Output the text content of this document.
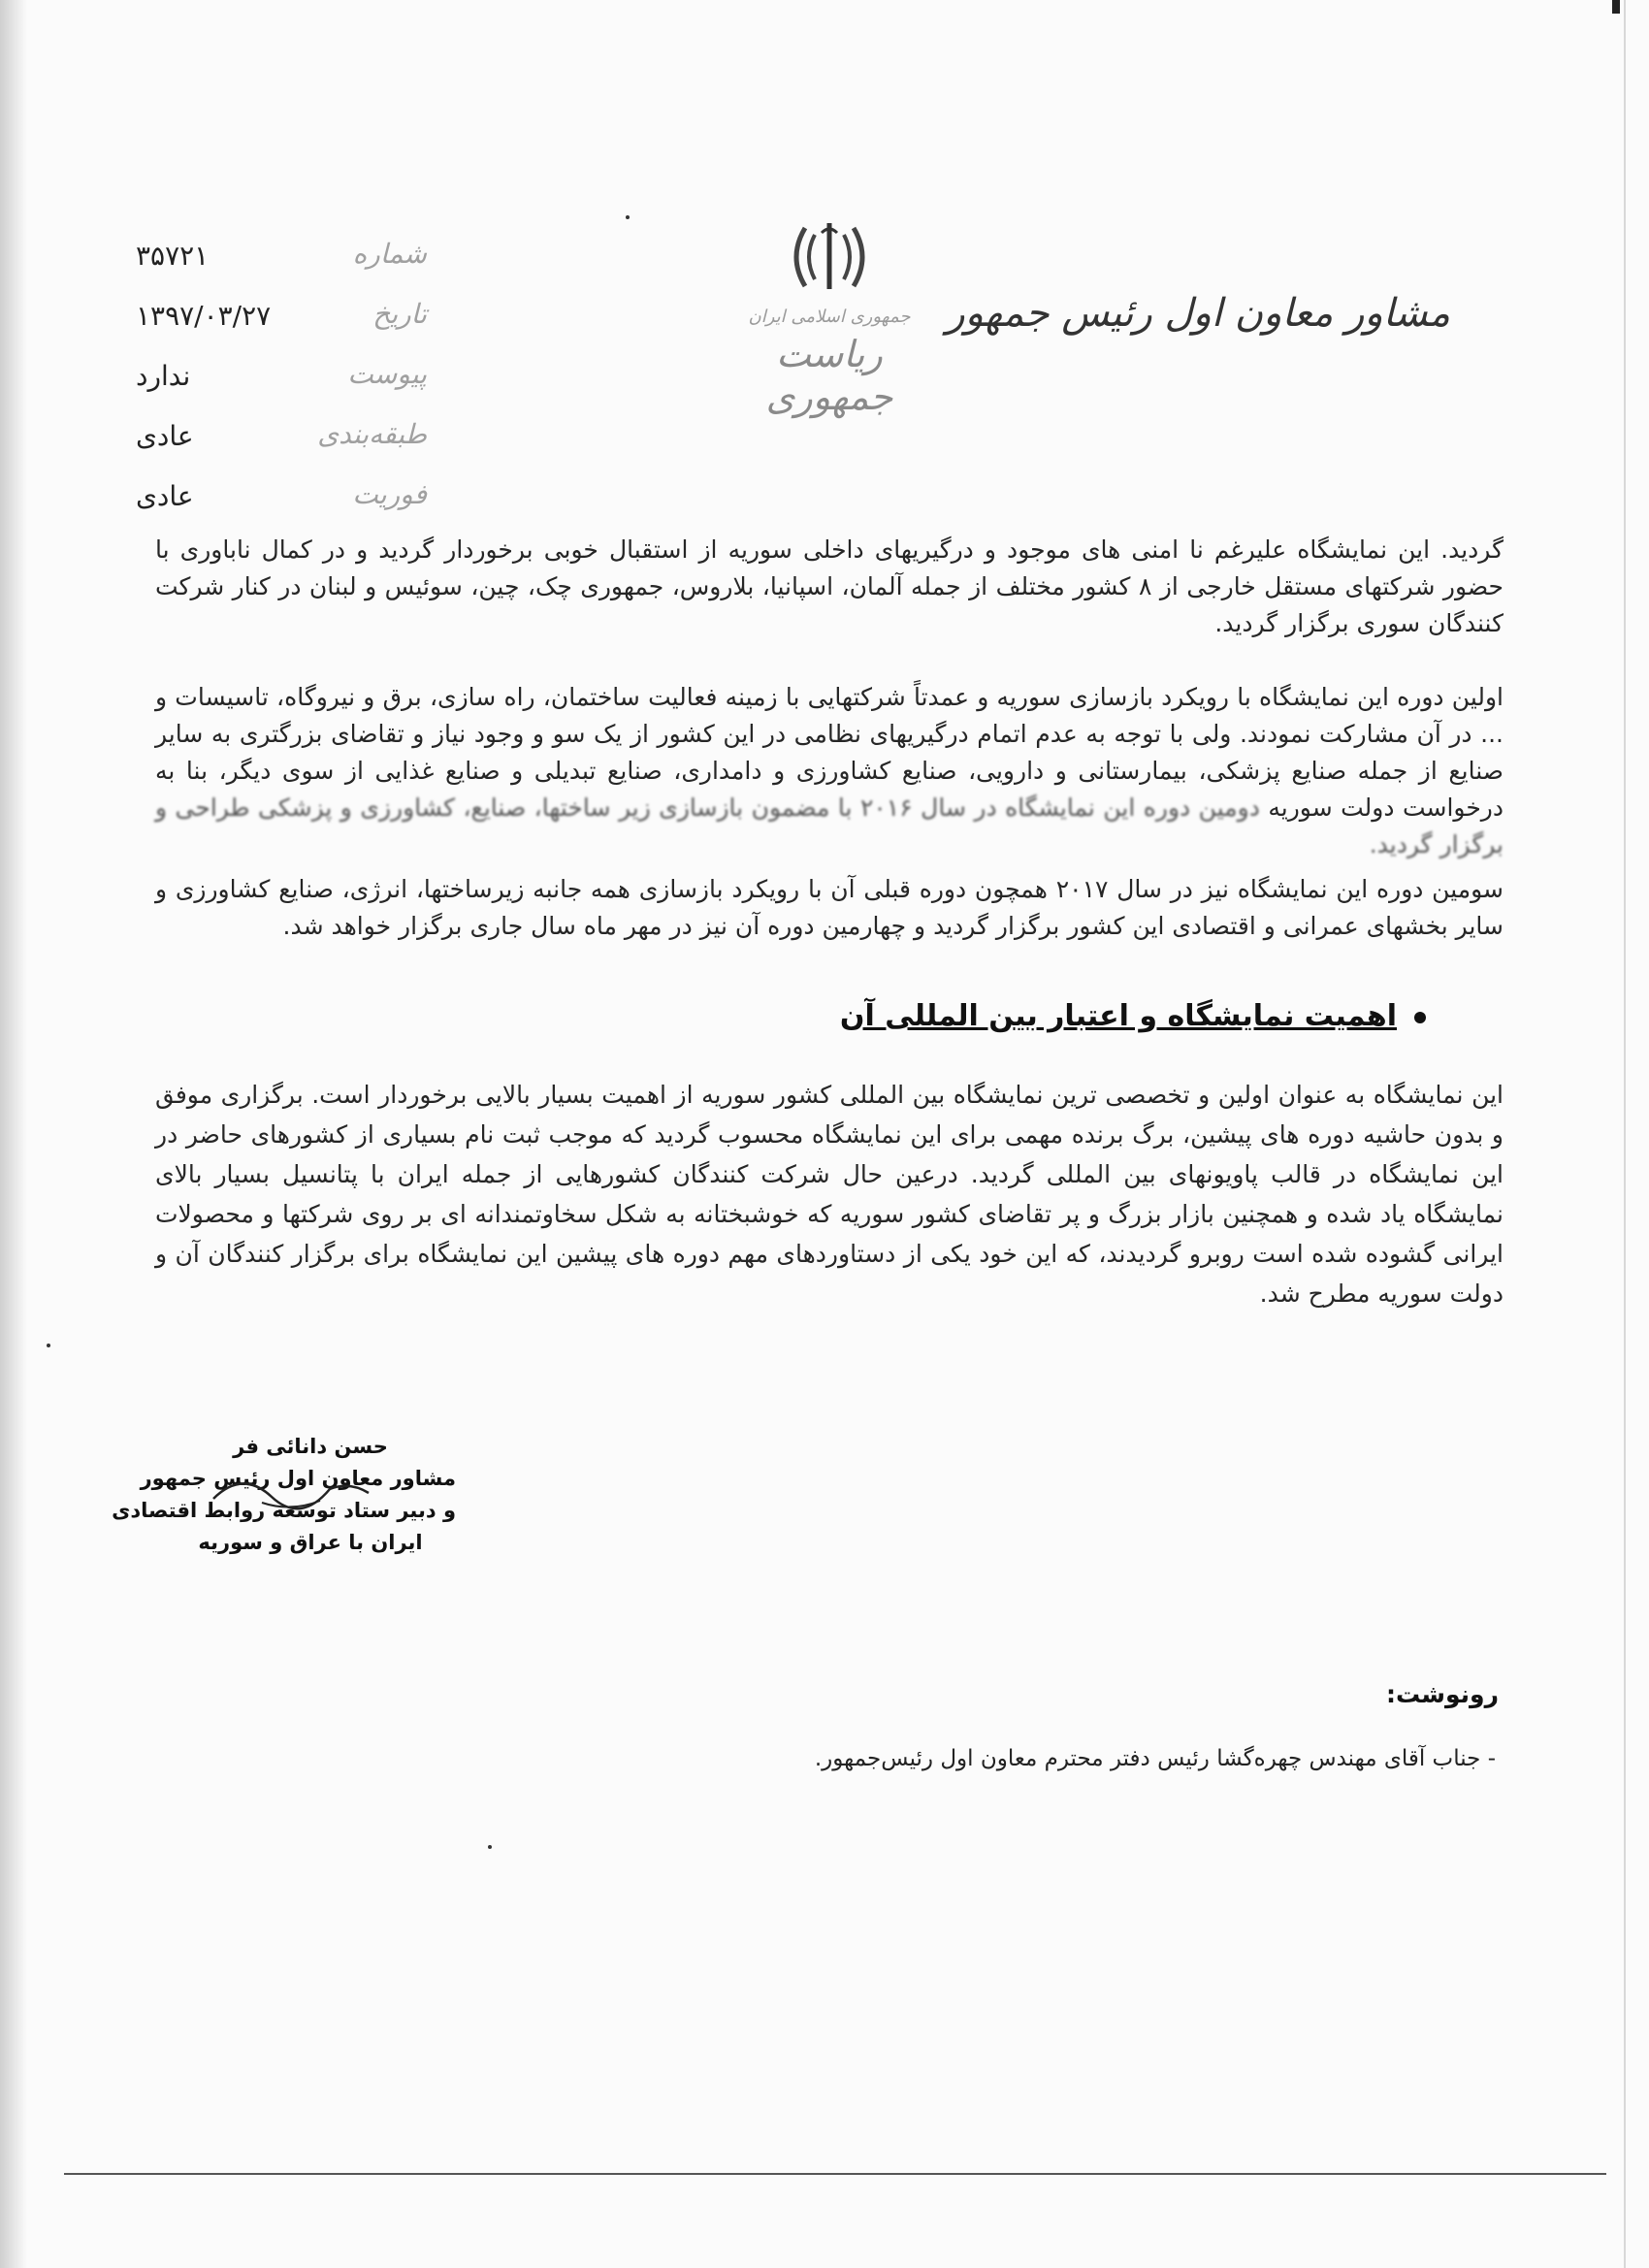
شماره
۳۵۷۲۱
تاریخ
۱۳۹۷/۰۳/۲۷
پیوست
ندارد
طبقه‌بندی
عادی
فوریت
عادی
جمهوری اسلامی ایران
ریاست جمهوری
مشاور معاون اول رئیس جمهور
گردید. این نمایشگاه علیرغم نا امنی های موجود و درگیریهای داخلی سوریه از استقبال خوبی برخوردار گردید و در کمال ناباوری با حضور شرکتهای مستقل خارجی از ۸ کشور مختلف از جمله آلمان، اسپانیا، بلاروس، جمهوری چک، چین، سوئیس و لبنان در کنار شرکت کنندگان سوری برگزار گردید.
اولین دوره این نمایشگاه با رویکرد بازسازی سوریه و عمدتاً شرکتهایی با زمینه فعالیت ساختمان، راه سازی، برق و نیروگاه، تاسیسات و ... در آن مشارکت نمودند. ولی با توجه به عدم اتمام درگیریهای نظامی در این کشور از یک سو و وجود نیاز و تقاضای بزرگتری به سایر صنایع از جمله صنایع پزشکی، بیمارستانی و دارویی، صنایع کشاورزی و دامداری، صنایع تبدیلی و صنایع غذایی از سوی دیگر، بنا به درخواست دولت سوریه دومین دوره این نمایشگاه در سال ۲۰۱۶ با مضمون بازسازی زیر ساختها، صنایع، کشاورزی و پزشکی طراحی و برگزار گردید.
سومین دوره این نمایشگاه نیز در سال ۲۰۱۷ همچون دوره قبلی آن با رویکرد بازسازی همه جانبه زیرساختها، انرژی، صنایع کشاورزی و سایر بخشهای عمرانی و اقتصادی این کشور برگزار گردید و چهارمین دوره آن نیز در مهر ماه سال جاری برگزار خواهد شد.
اهمیت نمایشگاه و اعتبار بین المللی آن
این نمایشگاه به عنوان اولین و تخصصی ترین نمایشگاه بین المللی کشور سوریه از اهمیت بسیار بالایی برخوردار است. برگزاری موفق و بدون حاشیه دوره های پیشین، برگ برنده مهمی برای این نمایشگاه محسوب گردید که موجب ثبت نام بسیاری از کشورهای حاضر در این نمایشگاه در قالب پاویونهای بین المللی گردید. درعین حال شرکت کنندگان کشورهایی از جمله ایران با پتانسیل بسیار بالای نمایشگاه یاد شده و همچنین بازار بزرگ و پر تقاضای کشور سوریه که خوشبختانه به شکل سخاوتمندانه ای بر روی شرکتها و محصولات ایرانی گشوده شده است روبرو گردیدند، که این خود یکی از دستاوردهای مهم دوره های پیشین این نمایشگاه برای برگزار کنندگان آن و دولت سوریه مطرح شد.
حسن دانائی فر
مشاور معاون اول رئیس جمهور
و دبیر ستاد توسعه روابط اقتصادی
ایران با عراق و سوریه
رونوشت:
- جناب آقای مهندس چهره‌گشا رئیس دفتر محترم معاون اول رئیس‌جمهور.
